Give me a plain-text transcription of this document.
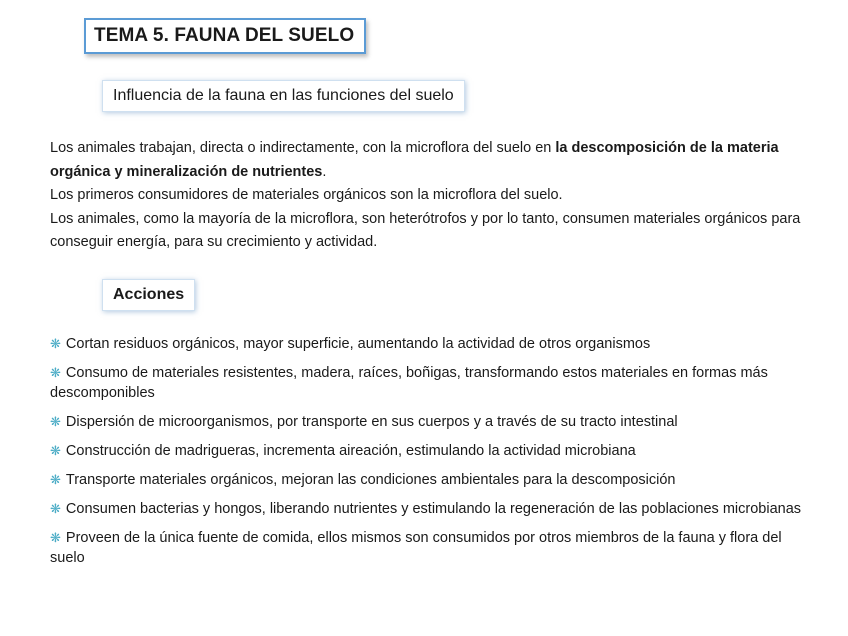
TEMA 5. FAUNA DEL SUELO
Influencia de la fauna en las funciones del suelo
Los animales trabajan, directa o indirectamente, con la microflora del suelo en la descomposición de la materia orgánica y mineralización de nutrientes.
Los primeros consumidores de materiales orgánicos son la microflora del suelo.
Los animales, como la mayoría de la microflora, son heterótrofos y por lo tanto, consumen materiales orgánicos para conseguir energía, para su crecimiento y actividad.
Acciones
❋ Cortan residuos orgánicos, mayor superficie, aumentando la actividad de otros organismos
❋ Consumo de materiales resistentes, madera, raíces, boñigas, transformando estos materiales en formas más descomponibles
❋ Dispersión de microorganismos, por transporte en sus cuerpos y a través de su tracto intestinal
❋ Construcción de madrigueras, incrementa aireación, estimulando la actividad microbiana
❋ Transporte materiales orgánicos, mejoran las condiciones ambientales para la descomposición
❋ Consumen bacterias y hongos, liberando nutrientes y estimulando la regeneración de las poblaciones microbianas
❋ Proveen de la única fuente de comida, ellos mismos son consumidos por otros miembros de la fauna y flora del suelo
